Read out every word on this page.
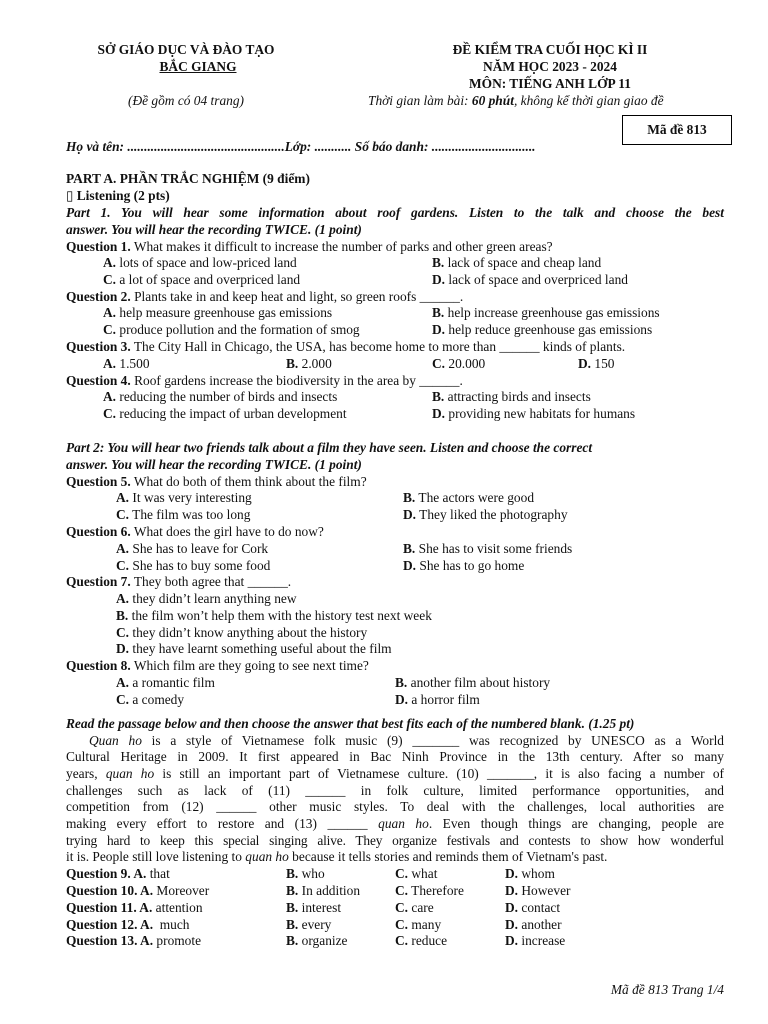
SỞ GIÁO DỤC VÀ ĐÀO TẠO
BẮC GIANG
(Đề gồm có 04 trang)
ĐỀ KIỂM TRA CUỐI HỌC KÌ II
NĂM HỌC 2023 - 2024
MÔN: TIẾNG ANH LỚP 11
Thời gian làm bài: 60 phút, không kể thời gian giao đề
Mã đề 813
Họ và tên: ...............................................Lớp: ........... Số báo danh: ...............................
PART A. PHẦN TRẮC NGHIỆM (9 điểm)
▯ Listening (2 pts)
Part 1. You will hear some information about roof gardens. Listen to the talk and choose the best
answer. You will hear the recording TWICE. (1 point)
Question 1. What makes it difficult to increase the number of parks and other green areas?
A. lots of space and low-priced land	B. lack of space and cheap land
C. a lot of space and overpriced land	D. lack of space and overpriced land
Question 2. Plants take in and keep heat and light, so green roofs ______.
A. help measure greenhouse gas emissions	B. help increase greenhouse gas emissions
C. produce pollution and the formation of smog	D. help reduce greenhouse gas emissions
Question 3. The City Hall in Chicago, the USA, has become home to more than ______ kinds of plants.
A. 1.500	B. 2.000	C. 20.000	D. 150
Question 4. Roof gardens increase the biodiversity in the area by ______.
A. reducing the number of birds and insects	B. attracting birds and insects
C. reducing the impact of urban development	D. providing new habitats for humans
Part 2: You will hear two friends talk about a film they have seen. Listen and choose the correct
answer. You will hear the recording TWICE. (1 point)
Question 5. What do both of them think about the film?
A. It was very interesting	B. The actors were good
C. The film was too long	D. They liked the photography
Question 6. What does the girl have to do now?
A. She has to leave for Cork	B. She has to visit some friends
C. She has to buy some food	D. She has to go home
Question 7. They both agree that ______.
A. they didn’t learn anything new
B. the film won’t help them with the history test next week
C. they didn’t know anything about the history
D. they have learnt something useful about the film
Question 8. Which film are they going to see next time?
A. a romantic film	B. another film about history
C. a comedy	D. a horror film
Read the passage below and then choose the answer that best fits each of the numbered blank. (1.25 pt)
Quan ho is a style of Vietnamese folk music (9) _______ was recognized by UNESCO as a World
Cultural Heritage in 2009. It first appeared in Bac Ninh Province in the 13th century. After so many
years, quan ho is still an important part of Vietnamese culture. (10) _______, it is also facing a number of
challenges such as lack of (11) ______ in folk culture, limited performance opportunities, and
competition from (12) ______ other music styles. To deal with the challenges, local authorities are
making every effort to restore and (13) ______ quan ho. Even though things are changing, people are
trying hard to keep this special singing alive. They organize festivals and contests to show how wonderful
it is. People still love listening to quan ho because it tells stories and reminds them of Vietnam's past.
Question 9. A. that	B. who	C. what	D. whom
Question 10. A. Moreover	B. In addition	C. Therefore	D. However
Question 11. A. attention	B. interest	C. care	D. contact
Question 12. A.  much	B. every	C. many	D. another
Question 13. A. promote	B. organize	C. reduce	D. increase
Mã đề 813 Trang 1/4
